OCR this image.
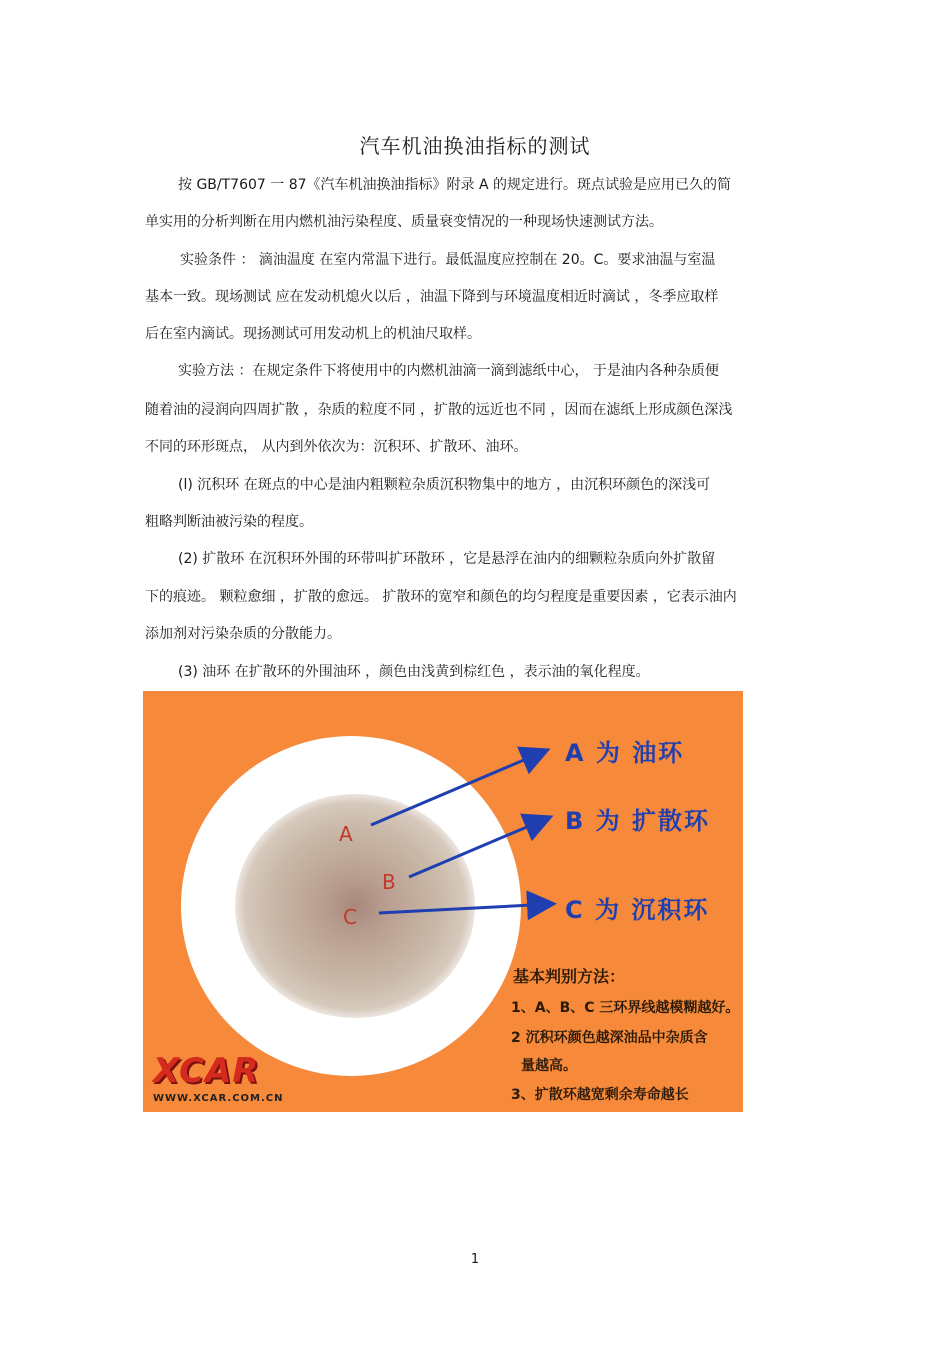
汽车机油换油指标的测试
按 GB/T7607 一 87《汽车机油换油指标》附录 A 的规定进行。斑点试验是应用已久的简
单实用的分析判断在用内燃机油污染程度、质量衰变情况的一种现场快速测试方法。
实验条件 ： 滴油温度 在室内常温下进行。最低温度应控制在 20。C。要求油温与室温
基本一致。现场测试 应在发动机熄火以后 ，油温下降到与环境温度相近时滴试 ，冬季应取样
后在室内滴试。现扬测试可用发动机上的机油尺取样。
实验方法 ：在规定条件下将使用中的内燃机油滴一滴到滤纸中心， 于是油内各种杂质便
随着油的浸润向四周扩散 ，杂质的粒度不同 ，扩散的远近也不同 ，因而在滤纸上形成颜色深浅
不同的环形斑点， 从内到外依次为：沉积环、扩散环、油环。
(l) 沉积环 在斑点的中心是油内粗颗粒杂质沉积物集中的地方 ，由沉积环颜色的深浅可
粗略判断油被污染的程度。
(2) 扩散环 在沉积环外围的环带叫扩环散环 ，它是悬浮在油内的细颗粒杂质向外扩散留
下的痕迹。 颗粒愈细 ，扩散的愈远。 扩散环的宽窄和颜色的均匀程度是重要因素 ，它表示油内
添加剂对污染杂质的分散能力。
(3) 油环 在扩散环的外围油环 ，颜色由浅黄到棕红色 ，表示油的氧化程度。
A
B
C
A 为 油环
B 为 扩散环
C 为 沉积环
基本判别方法：
1、A、B、C 三环界线越模糊越好。
2 沉积环颜色越深油品中杂质含
量越高。
3、扩散环越宽剩余寿命越长
XCAR
WWW.XCAR.COM.CN
1
